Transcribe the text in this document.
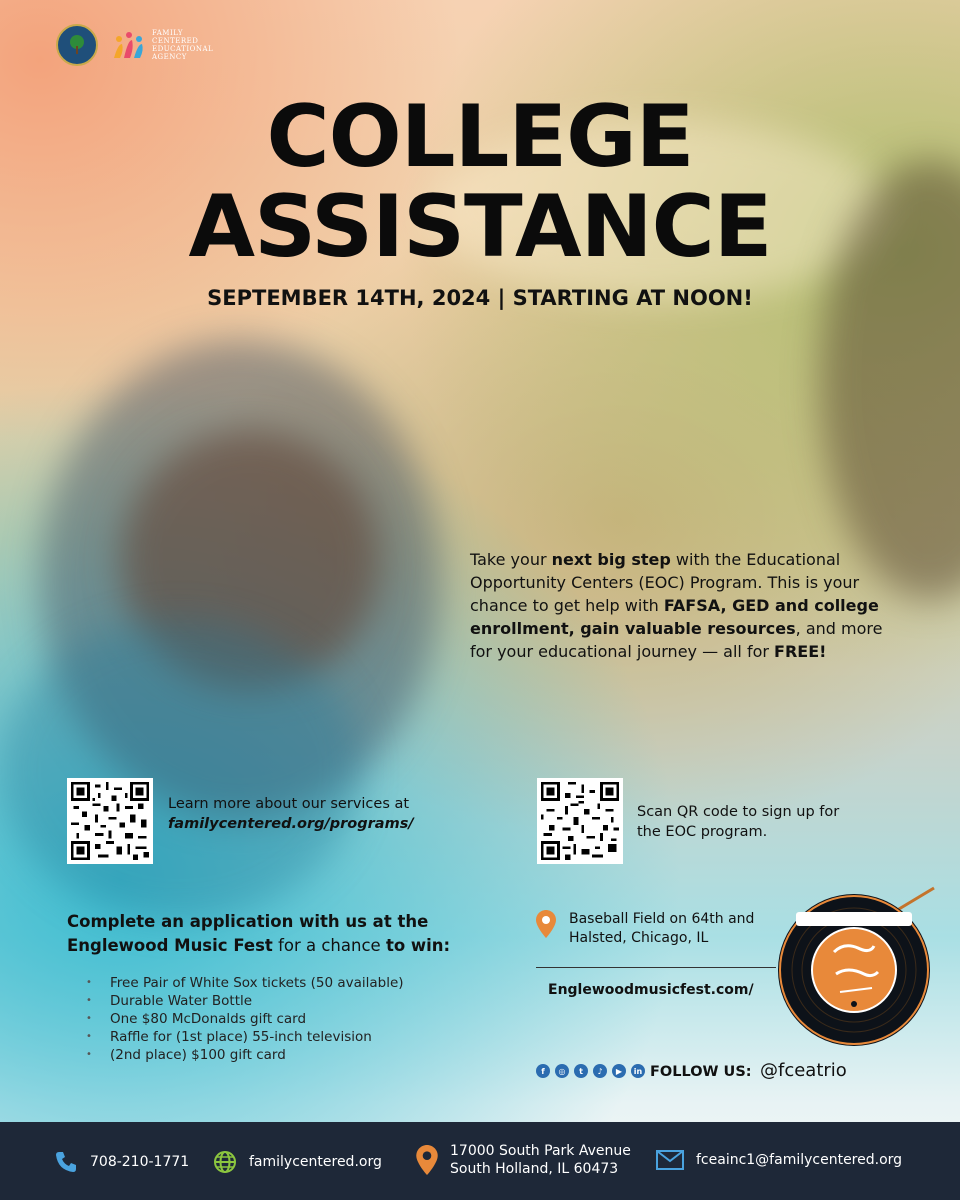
FAMILY CENTERED EDUCATIONAL AGENCY
COLLEGE
ASSISTANCE
SEPTEMBER 14TH, 2024 | STARTING AT NOON!
Take your next big step with the Educational Opportunity Centers (EOC) Program. This is your chance to get help with FAFSA, GED and college enrollment, gain valuable resources, and more for your educational journey — all for FREE!
Learn more about our services at
familycentered.org/programs/
Scan QR code to sign up for the EOC program.
Complete an application with us at the Englewood Music Fest for a chance to win:
• Free Pair of White Sox tickets (50 available)
• Durable Water Bottle
• One $80 McDonalds gift card
• Raffle for (1st place) 55-inch television
• (2nd place) $100 gift card
Baseball Field on 64th and Halsted, Chicago, IL
Englewoodmusicfest.com/
f	◎	t	♪	▶	in FOLLOW US: @fceatrio
708-210-1771	familycentered.org
17000 South Park Avenue
South Holland, IL 60473
fceainc1@familycentered.org
